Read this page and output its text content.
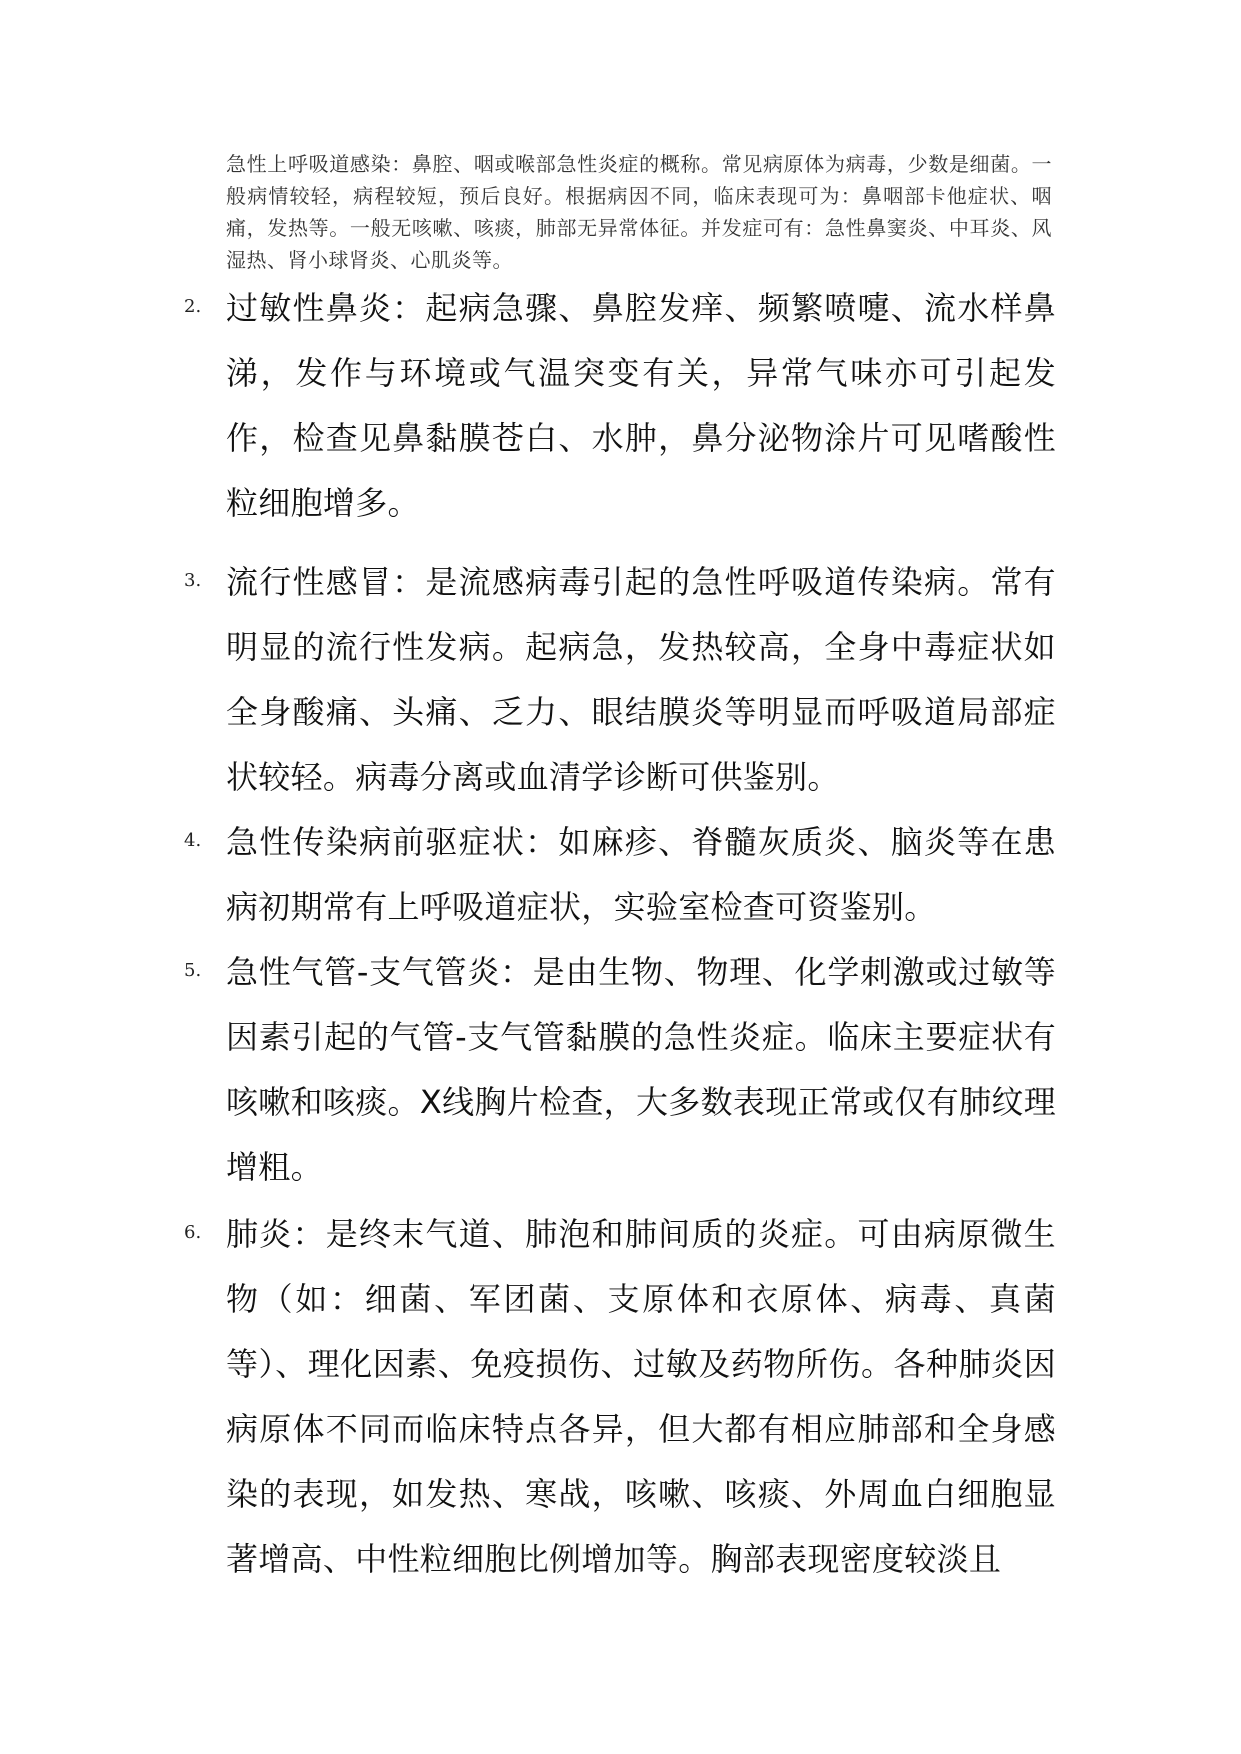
急性上呼吸道感染：鼻腔、咽或喉部急性炎症的概称。常见病原体为病毒，少数是细菌。一般病情较轻，病程较短，预后良好。根据病因不同，临床表现可为：鼻咽部卡他症状、咽痛，发热等。一般无咳嗽、咳痰，肺部无异常体征。并发症可有：急性鼻窦炎、中耳炎、风湿热、肾小球肾炎、心肌炎等。
2. 过敏性鼻炎：起病急骤、鼻腔发痒、频繁喷嚏、流水样鼻涕，发作与环境或气温突变有关，异常气味亦可引起发作，检查见鼻黏膜苍白、水肿，鼻分泌物涂片可见嗜酸性粒细胞增多。
3. 流行性感冒：是流感病毒引起的急性呼吸道传染病。常有明显的流行性发病。起病急，发热较高，全身中毒症状如全身酸痛、头痛、乏力、眼结膜炎等明显而呼吸道局部症状较轻。病毒分离或血清学诊断可供鉴别。
4. 急性传染病前驱症状：如麻疹、脊髓灰质炎、脑炎等在患病初期常有上呼吸道症状，实验室检查可资鉴别。
5. 急性气管-支气管炎：是由生物、物理、化学刺激或过敏等因素引起的气管-支气管黏膜的急性炎症。临床主要症状有咳嗽和咳痰。X线胸片检查，大多数表现正常或仅有肺纹理增粗。
6. 肺炎：是终末气道、肺泡和肺间质的炎症。可由病原微生物（如：细菌、军团菌、支原体和衣原体、病毒、真菌等）、理化因素、免疫损伤、过敏及药物所伤。各种肺炎因病原体不同而临床特点各异，但大都有相应肺部和全身感染的表现，如发热、寒战，咳嗽、咳痰、外周血白细胞显著增高、中性粒细胞比例增加等。胸部表现密度较淡且
